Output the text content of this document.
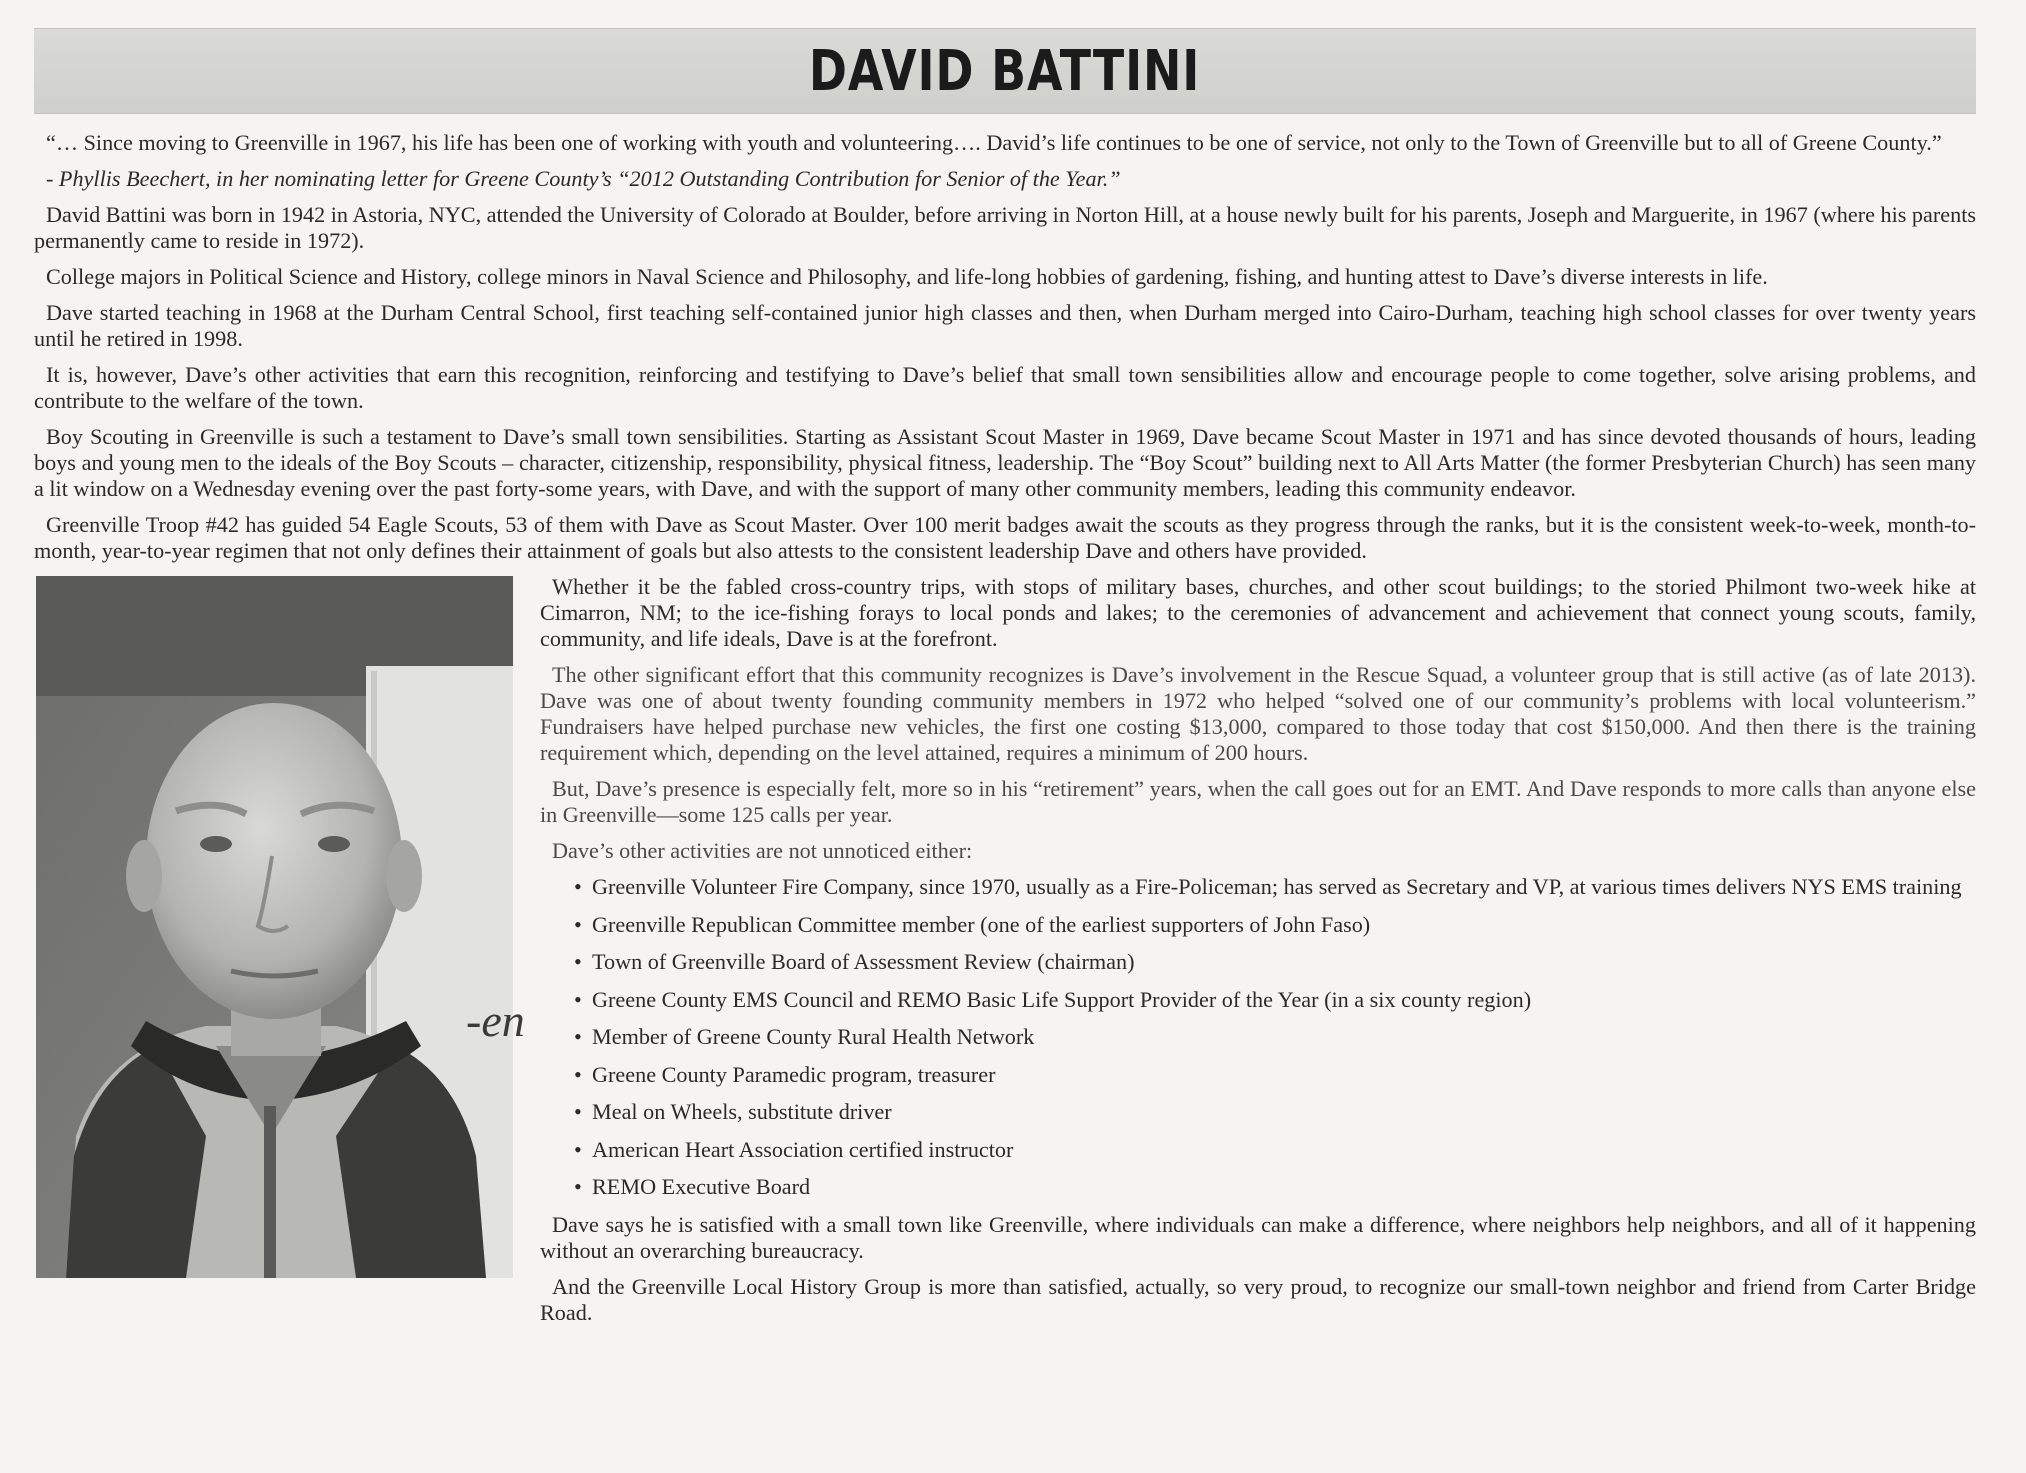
DAVID BATTINI

“… Since moving to Greenville in 1967, his life has been one of working with youth and volunteering…. David’s life continues to be one of service, not only to the Town of Greenville but to all of Greene County.”

- Phyllis Beechert, in her nominating letter for Greene County’s “2012 Outstanding Contribution for Senior of the Year.”

David Battini was born in 1942 in Astoria, NYC, attended the University of Colorado at Boulder, before arriving in Norton Hill, at a house newly built for his parents, Joseph and Marguerite, in 1967 (where his parents permanently came to reside in 1972).

College majors in Political Science and History, college minors in Naval Science and Philosophy, and life-long hobbies of gardening, fishing, and hunting attest to Dave’s diverse interests in life.

Dave started teaching in 1968 at the Durham Central School, first teaching self-contained junior high classes and then, when Durham merged into Cairo-Durham, teaching high school classes for over twenty years until he retired in 1998.

It is, however, Dave’s other activities that earn this recognition, reinforcing and testifying to Dave’s belief that small town sensibilities allow and encourage people to come together, solve arising problems, and contribute to the welfare of the town.

Boy Scouting in Greenville is such a testament to Dave’s small town sensibilities. Starting as Assistant Scout Master in 1969, Dave became Scout Master in 1971 and has since devoted thousands of hours, leading boys and young men to the ideals of the Boy Scouts – character, citizenship, responsibility, physical fitness, leadership. The “Boy Scout” building next to All Arts Matter (the former Presbyterian Church) has seen many a lit window on a Wednesday evening over the past forty-some years, with Dave, and with the support of many other community members, leading this community endeavor.

Greenville Troop #42 has guided 54 Eagle Scouts, 53 of them with Dave as Scout Master. Over 100 merit badges await the scouts as they progress through the ranks, but it is the consistent week-to-week, month-to-month, year-to-year regimen that not only defines their attainment of goals but also attests to the consistent leadership Dave and others have provided.

-en

Whether it be the fabled cross-country trips, with stops of military bases, churches, and other scout buildings; to the storied Philmont two-week hike at Cimarron, NM; to the ice-fishing forays to local ponds and lakes; to the ceremonies of advancement and achievement that connect young scouts, family, community, and life ideals, Dave is at the forefront.

The other significant effort that this community recognizes is Dave’s involvement in the Rescue Squad, a volunteer group that is still active (as of late 2013). Dave was one of about twenty founding community members in 1972 who helped “solved one of our community’s problems with local volunteerism.” Fundraisers have helped purchase new vehicles, the first one costing $13,000, compared to those today that cost $150,000. And then there is the training requirement which, depending on the level attained, requires a minimum of 200 hours.

But, Dave’s presence is especially felt, more so in his “retirement” years, when the call goes out for an EMT. And Dave responds to more calls than anyone else in Greenville—some 125 calls per year.

Dave’s other activities are not unnoticed either:

• Greenville Volunteer Fire Company, since 1970, usually as a Fire-Policeman; has served as Secretary and VP, at various times delivers NYS EMS training
• Greenville Republican Committee member (one of the earliest supporters of John Faso)
• Town of Greenville Board of Assessment Review (chairman)
• Greene County EMS Council and REMO Basic Life Support Provider of the Year (in a six county region)
• Member of Greene County Rural Health Network
• Greene County Paramedic program, treasurer
• Meal on Wheels, substitute driver
• American Heart Association certified instructor
• REMO Executive Board

Dave says he is satisfied with a small town like Greenville, where individuals can make a difference, where neighbors help neighbors, and all of it happening without an overarching bureaucracy.

And the Greenville Local History Group is more than satisfied, actually, so very proud, to recognize our small-town neighbor and friend from Carter Bridge Road.
